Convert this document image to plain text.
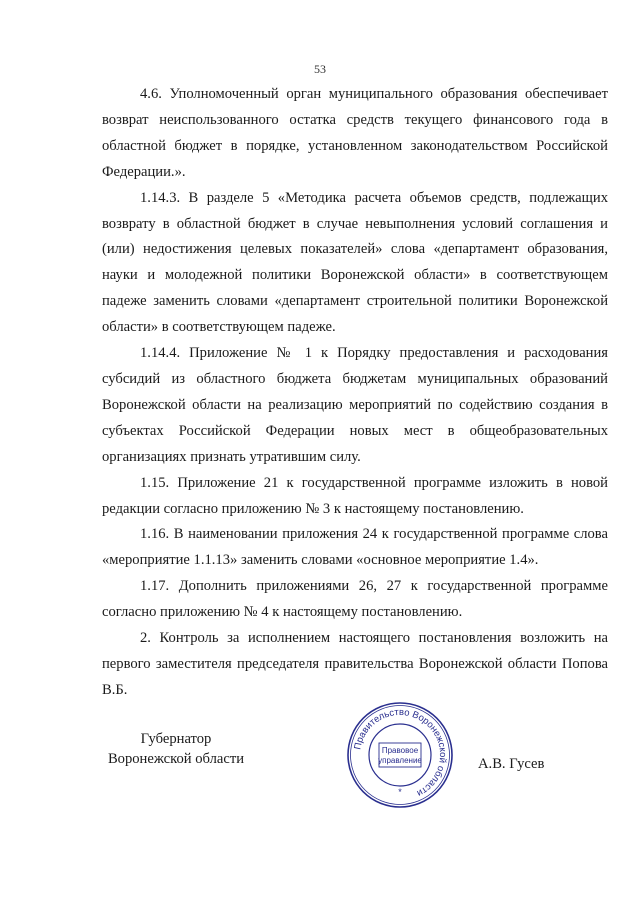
53

4.6. Уполномоченный орган муниципального образования обеспечивает возврат неиспользованного остатка средств текущего финансового года в областной бюджет в порядке, установленном законодательством Российской Федерации.».

1.14.3. В разделе 5 «Методика расчета объемов средств, подлежащих возврату в областной бюджет в случае невыполнения условий соглашения и (или) недостижения целевых показателей» слова «департамент образования, науки и молодежной политики Воронежской области» в соответствующем падеже заменить словами «департамент строительной политики Воронежской области» в соответствующем падеже.

1.14.4. Приложение № 1 к Порядку предоставления и расходования субсидий из областного бюджета бюджетам муниципальных образований Воронежской области на реализацию мероприятий по содействию создания в субъектах Российской Федерации новых мест в общеобразовательных организациях признать утратившим силу.

1.15. Приложение 21 к государственной программе изложить в новой редакции согласно приложению № 3 к настоящему постановлению.

1.16. В наименовании приложения 24 к государственной программе слова «мероприятие 1.1.13» заменить словами «основное мероприятие 1.4».

1.17. Дополнить приложениями 26, 27 к государственной программе согласно приложению № 4 к настоящему постановлению.

2. Контроль за исполнением настоящего постановления возложить на первого заместителя председателя правительства Воронежской области Попова В.Б.

Губернатор
Воронежской области
Правительство Воронежской области
Правовое
управление
*
А.В. Гусев
